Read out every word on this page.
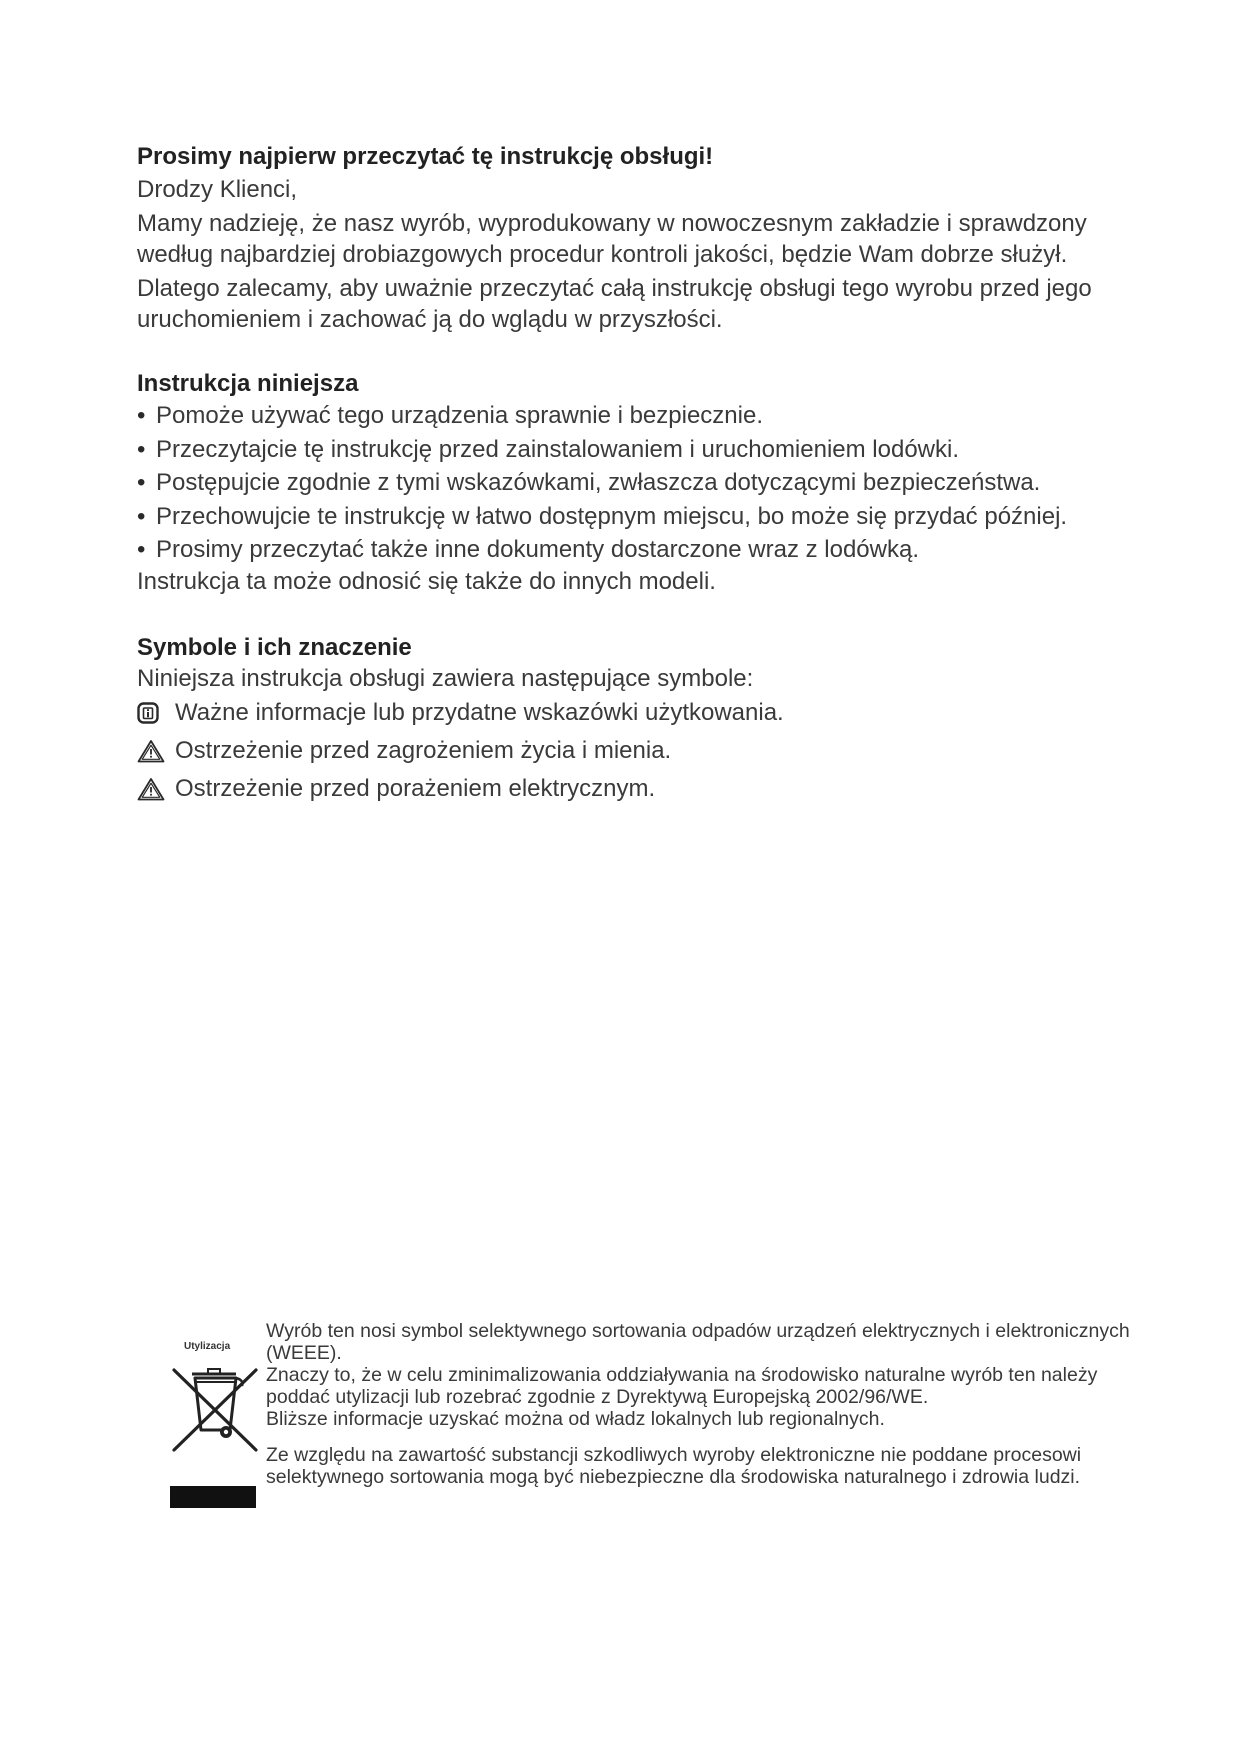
Prosimy najpierw przeczytać tę instrukcję obsługi!

Drodzy Klienci,

Mamy nadzieję, że nasz wyrób, wyprodukowany w nowoczesnym zakładzie i sprawdzony według najbardziej drobiazgowych procedur kontroli jakości, będzie Wam dobrze służył.

Dlatego zalecamy, aby uważnie przeczytać całą instrukcję obsługi tego wyrobu przed jego uruchomieniem i zachować ją do wglądu w przyszłości.

Instrukcja niniejsza
• Pomoże używać tego urządzenia sprawnie i bezpiecznie.
• Przeczytajcie tę instrukcję przed zainstalowaniem i uruchomieniem lodówki.
• Postępujcie zgodnie z tymi wskazówkami, zwłaszcza dotyczącymi bezpieczeństwa.
• Przechowujcie te instrukcję w łatwo dostępnym miejscu, bo może się przydać później.
• Prosimy przeczytać także inne dokumenty dostarczone wraz z lodówką.

Instrukcja ta może odnosić się także do innych modeli.

Symbole i ich znaczenie

Niniejsza instrukcja obsługi zawiera następujące symbole:

Ważne informacje lub przydatne wskazówki użytkowania.
Ostrzeżenie przed zagrożeniem życia i mienia.
Ostrzeżenie przed porażeniem elektrycznym.
Utylizacja

Wyrób ten nosi symbol selektywnego sortowania odpadów urządzeń elektrycznych i elektronicznych (WEEE).

Znaczy to, że w celu zminimalizowania oddziaływania na środowisko naturalne wyrób ten należy poddać utylizacji lub rozebrać zgodnie z Dyrektywą Europejską 2002/96/WE.

Bliższe informacje uzyskać można od władz lokalnych lub regionalnych.

Ze względu na zawartość substancji szkodliwych wyroby elektroniczne nie poddane procesowi selektywnego sortowania mogą być niebezpieczne dla środowiska naturalnego i zdrowia ludzi.
